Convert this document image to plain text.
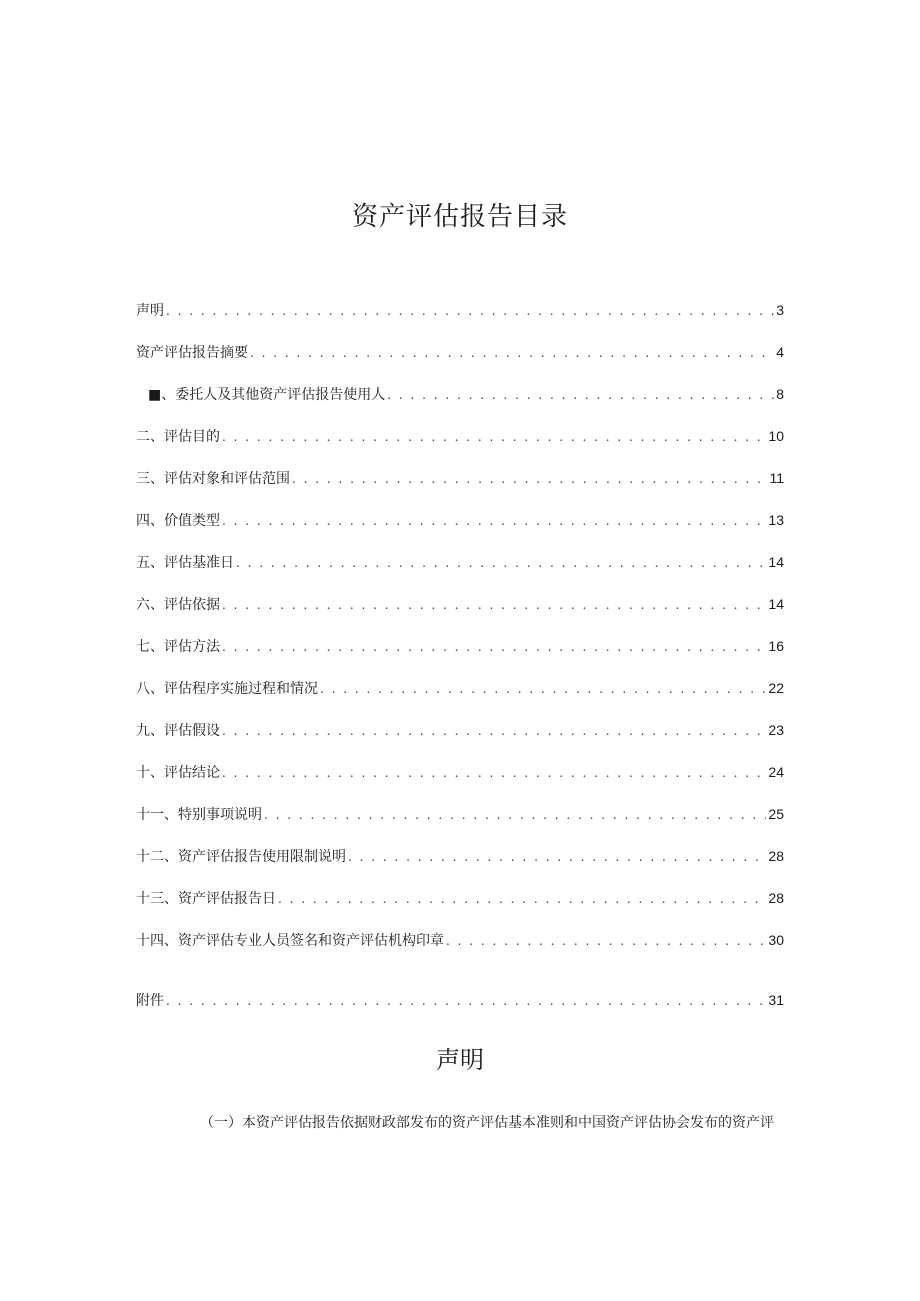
资产评估报告目录
声明 . . .	3
资产评估报告摘要 . . .	4
■、委托人及其他资产评估报告使用人 . . .	8
二、评估目的 . . .	10
三、评估对象和评估范围 . . .	11
四、价值类型 . . .	13
五、评估基准日 . . .	14
六、评估依据 . . .	14
七、评估方法 . . .	16
八、评估程序实施过程和情况 . . .	22
九、评估假设 . . .	23
十、评估结论 . . .	24
十一、特别事项说明 . . .	25
十二、资产评估报告使用限制说明 . . .	28
十三、资产评估报告日 . . .	28
十四、资产评估专业人员签名和资产评估机构印章 . . .	30
附件 . . .	31
声明

（一）本资产评估报告依据财政部发布的资产评估基本准则和中国资产评估协会发布的资产评
